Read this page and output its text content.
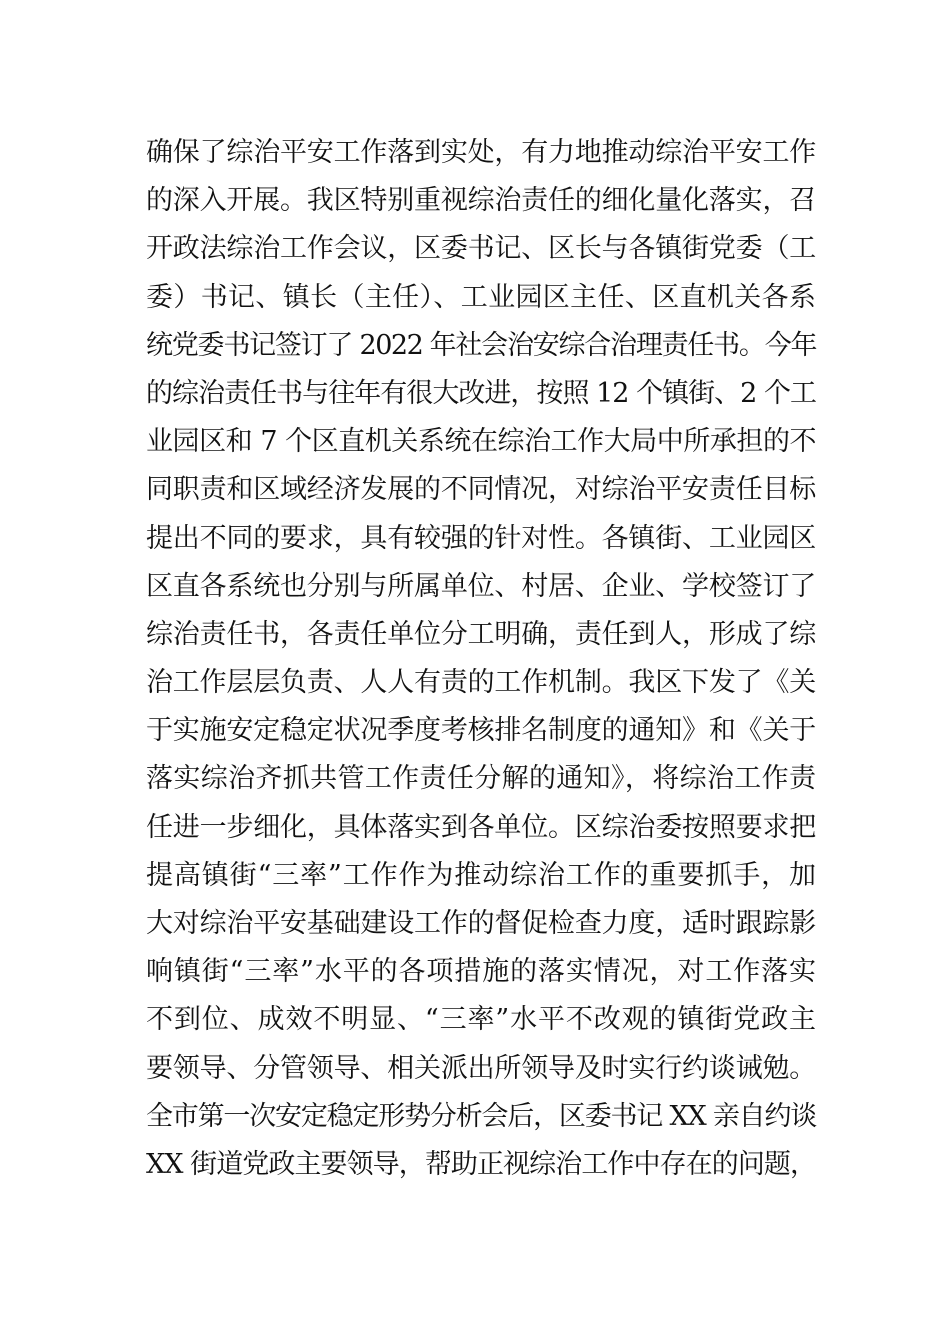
确保了综治平安工作落到实处，有力地推动综治平安工作
的深入开展。我区特别重视综治责任的细化量化落实，召
开政法综治工作会议，区委书记、区长与各镇街党委（工
委）书记、镇长（主任）、工业园区主任、区直机关各系
统党委书记签订了 2022 年社会治安综合治理责任书。今年
的综治责任书与往年有很大改进，按照 12 个镇街、2 个工
业园区和 7 个区直机关系统在综治工作大局中所承担的不
同职责和区域经济发展的不同情况，对综治平安责任目标
提出不同的要求，具有较强的针对性。各镇街、工业园区
区直各系统也分别与所属单位、村居、企业、学校签订了
综治责任书，各责任单位分工明确，责任到人，形成了综
治工作层层负责、人人有责的工作机制。我区下发了《关
于实施安定稳定状况季度考核排名制度的通知》和《关于
落实综治齐抓共管工作责任分解的通知》，将综治工作责
任进一步细化，具体落实到各单位。区综治委按照要求把
提高镇街“三率”工作作为推动综治工作的重要抓手，加
大对综治平安基础建设工作的督促检查力度，适时跟踪影
响镇街“三率”水平的各项措施的落实情况，对工作落实
不到位、成效不明显、“三率”水平不改观的镇街党政主
要领导、分管领导、相关派出所领导及时实行约谈诫勉。
全市第一次安定稳定形势分析会后，区委书记 XX 亲自约谈
XX 街道党政主要领导，帮助正视综治工作中存在的问题，
